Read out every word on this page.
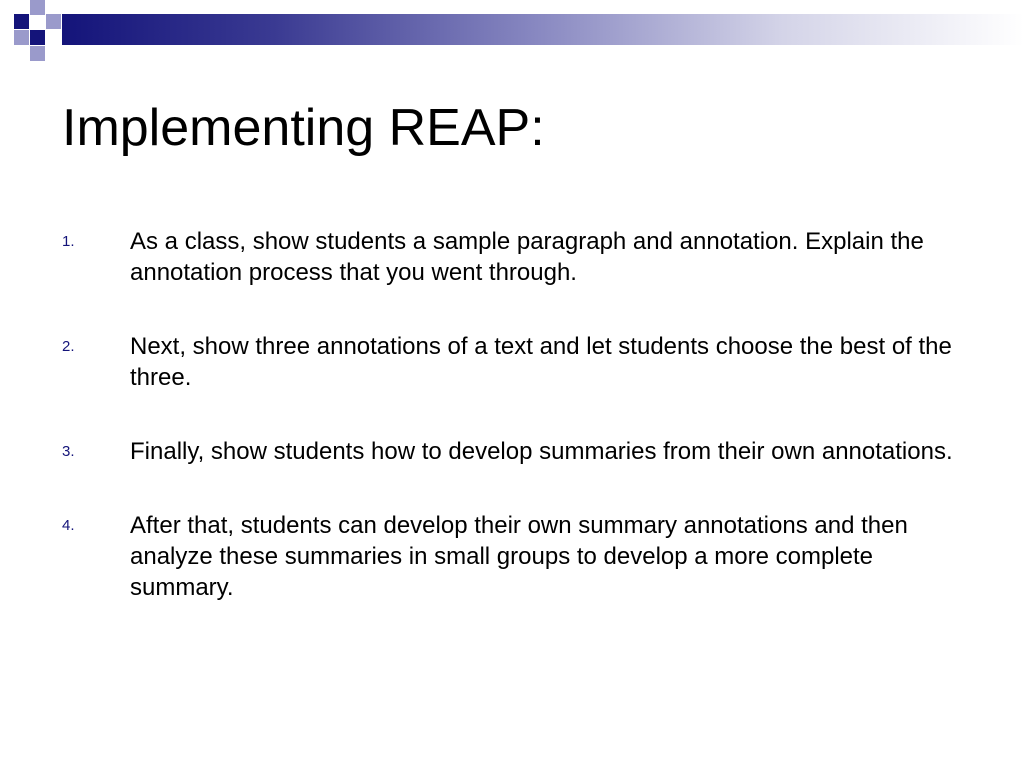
Implementing REAP:
1. As a class, show students a sample paragraph and annotation. Explain the annotation process that you went through.
2. Next, show three annotations of a text and let students choose the best of the three.
3. Finally, show students how to develop summaries from their own annotations.
4. After that, students can develop their own summary annotations and then analyze these summaries in small groups to develop a more complete summary.
